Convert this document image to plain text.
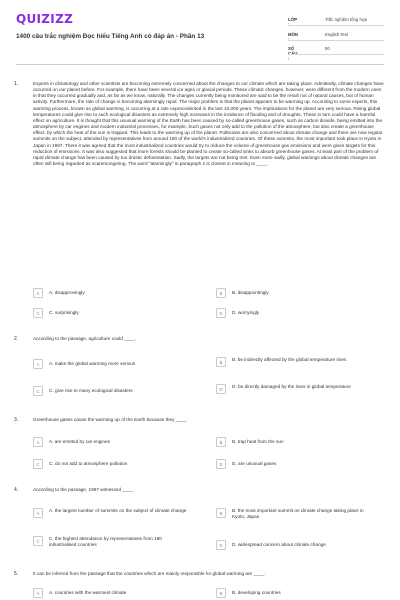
QUIZIZZ
1400 câu trắc nghiệm Đọc hiểu Tiếng Anh có đáp án - Phần 13
LỚP	Trắc nghiệm tổng hợp
MÔN	English Test
SỐ :
50
1.	Experts in climatology and other scientists are becoming extremely concerned about the changes to our climate which are taking place. Admittedly, climate changes have occurred on our planet before. For example, there have been several ice ages or glacial periods. These climatic changes, however, were different from the modern ones in that they occurred gradually and, as far as we know, naturally. The changes currently being monitored are said to be the result not of natural causes, but of human activity. Furthermore, the rate of change is becoming alarmingly rapid. The major problem is that the planet appears to be warming up. According to some experts, this warming process, known as global warming, is occurring at a rate unprecedented in the last 10,000 years. The implications for the planet are very serious. Rising global temperatures could give rise to such ecological disasters as extremely high increases in the incidence of flooding and of droughts. These in turn could have a harmful effect on agriculture. It is thought that this unusual warming of the Earth has been caused by so-called greenhouse gases, such as carbon dioxide, being emitted into the atmosphere by car engines and modern industrial processes, for example. Such gases not only add to the pollution of the atmosphere, but also create a greenhouse effect, by which the heat of the sun is trapped. This leads to the warming up of the planet. Politicians are also concerned about climate change and there are now regular summits on the subject, attended by representatives from around 180 of the world's industrialized countries. Of these summits, the most important took place in Kyoto in Japan in 1997. There it was agreed that the most industrialized countries would try to reduce the volume of greenhouse gas emissions and were given targets for this reduction of emissions. It was also suggested that more forests should be planted to create so-called sinks to absorb greenhouse gases. At least part of the problem of rapid climate change has been caused by too drastic deforestation. Sadly, the targets are not being met. Even more sadly, global warnings about climate changes are often still being regarded as scaremongering. The word "alarmingly" in paragraph 2 is closest in meaning to ____.
A	A. disapprovingly	B	B. disappointingly
C	C. surprisingly	D	D. worryingly
2.	According to the passage, agriculture could ____.
A	A. make the global warming more serious	B
B. be indirectly affected by the global temperature rises
C	C. give rise to many ecological disasters	D
D. be directly damaged by the rises in global temperature
3.	Greenhouse gases cause the warming up of the Earth because they ____.
A	A. are emitted by car engines	B	B. trap heat from the sun
C	C. do not add to atmosphere pollution	D	D. are unusual gases
4.	According to the passage, 1997 witnessed ____.
A
A. the largest number of summits on the subject of climate change
B
B. the most important summit on climate change taking place in Kyoto, Japan
C
C. the highest attendance by representatives from 180 industrialised countries	D	D. widespread concern about climate change
5.	It can be inferred from the passage that the countries which are mainly responsible for global warming are ____.
A	A. countries with the warmest climate	B	B. developing countries
